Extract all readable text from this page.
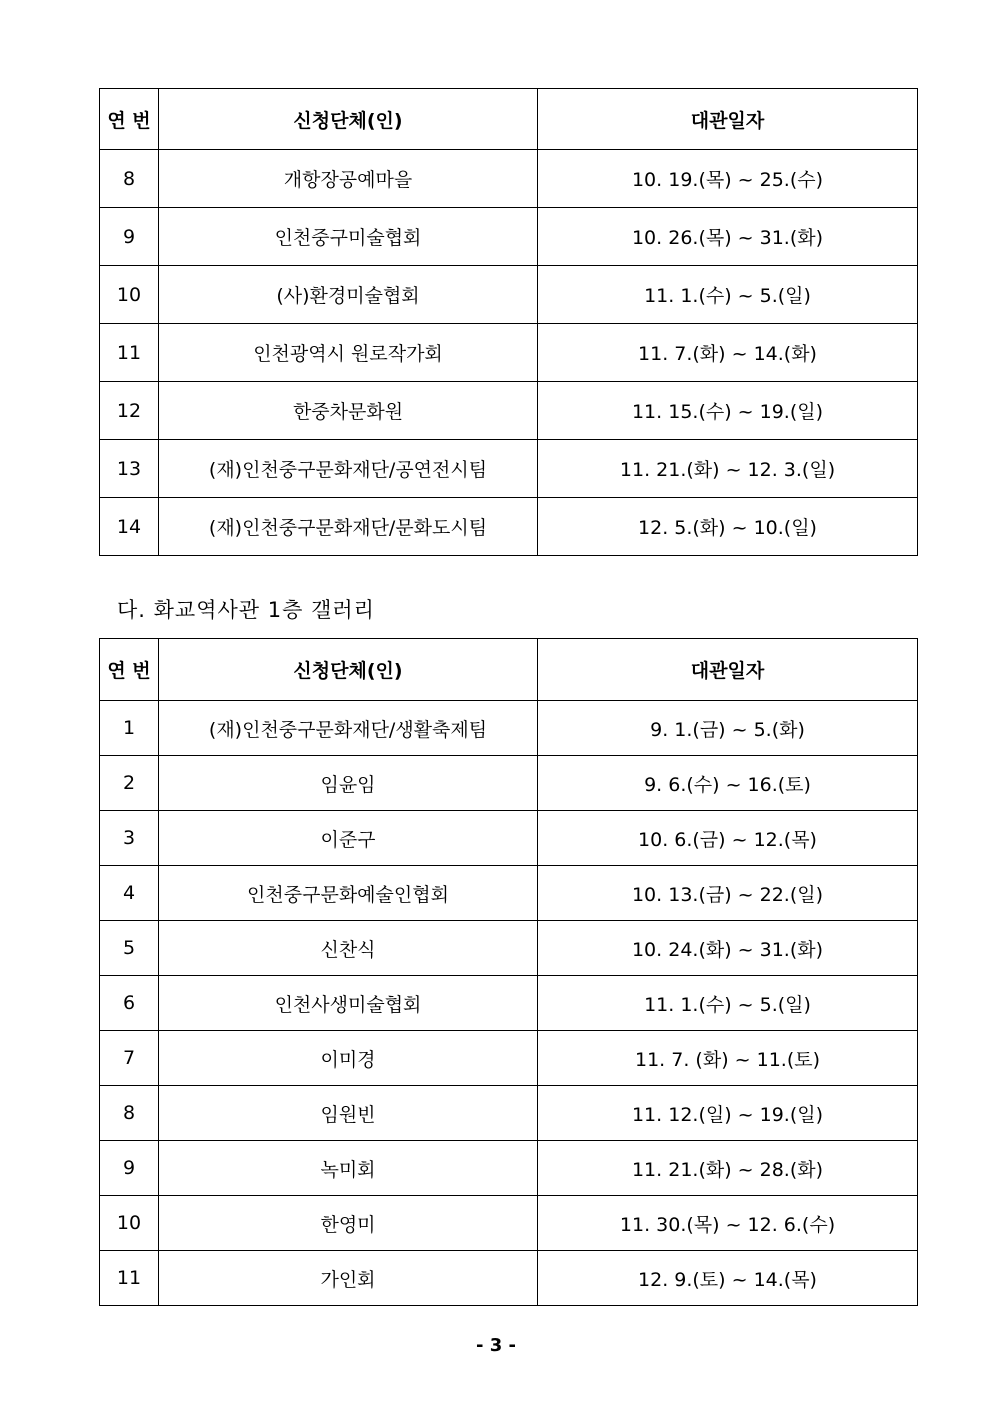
연 번	신청단체(인)	대관일자
8	개항장공예마을	10. 19.(목) ~ 25.(수)
9	인천중구미술협회	10. 26.(목) ~ 31.(화)
10	(사)환경미술협회	11. 1.(수) ~ 5.(일)
11	인천광역시 원로작가회	11. 7.(화) ~ 14.(화)
12	한중차문화원	11. 15.(수) ~ 19.(일)
13	(재)인천중구문화재단/공연전시팀	11. 21.(화) ~ 12. 3.(일)
14	(재)인천중구문화재단/문화도시팀	12. 5.(화) ~ 10.(일)
다. 화교역사관 1층 갤러리
연 번	신청단체(인)	대관일자
1	(재)인천중구문화재단/생활축제팀	9. 1.(금) ~ 5.(화)
2	임윤임	9. 6.(수) ~ 16.(토)
3	이준구	10. 6.(금) ~ 12.(목)
4	인천중구문화예술인협회	10. 13.(금) ~ 22.(일)
5	신찬식	10. 24.(화) ~ 31.(화)
6	인천사생미술협회	11. 1.(수) ~ 5.(일)
7	이미경	11. 7. (화) ~ 11.(토)
8	임원빈	11. 12.(일) ~ 19.(일)
9	녹미회	11. 21.(화) ~ 28.(화)
10	한영미	11. 30.(목) ~ 12. 6.(수)
11	가인회	12. 9.(토) ~ 14.(목)
- 3 -
